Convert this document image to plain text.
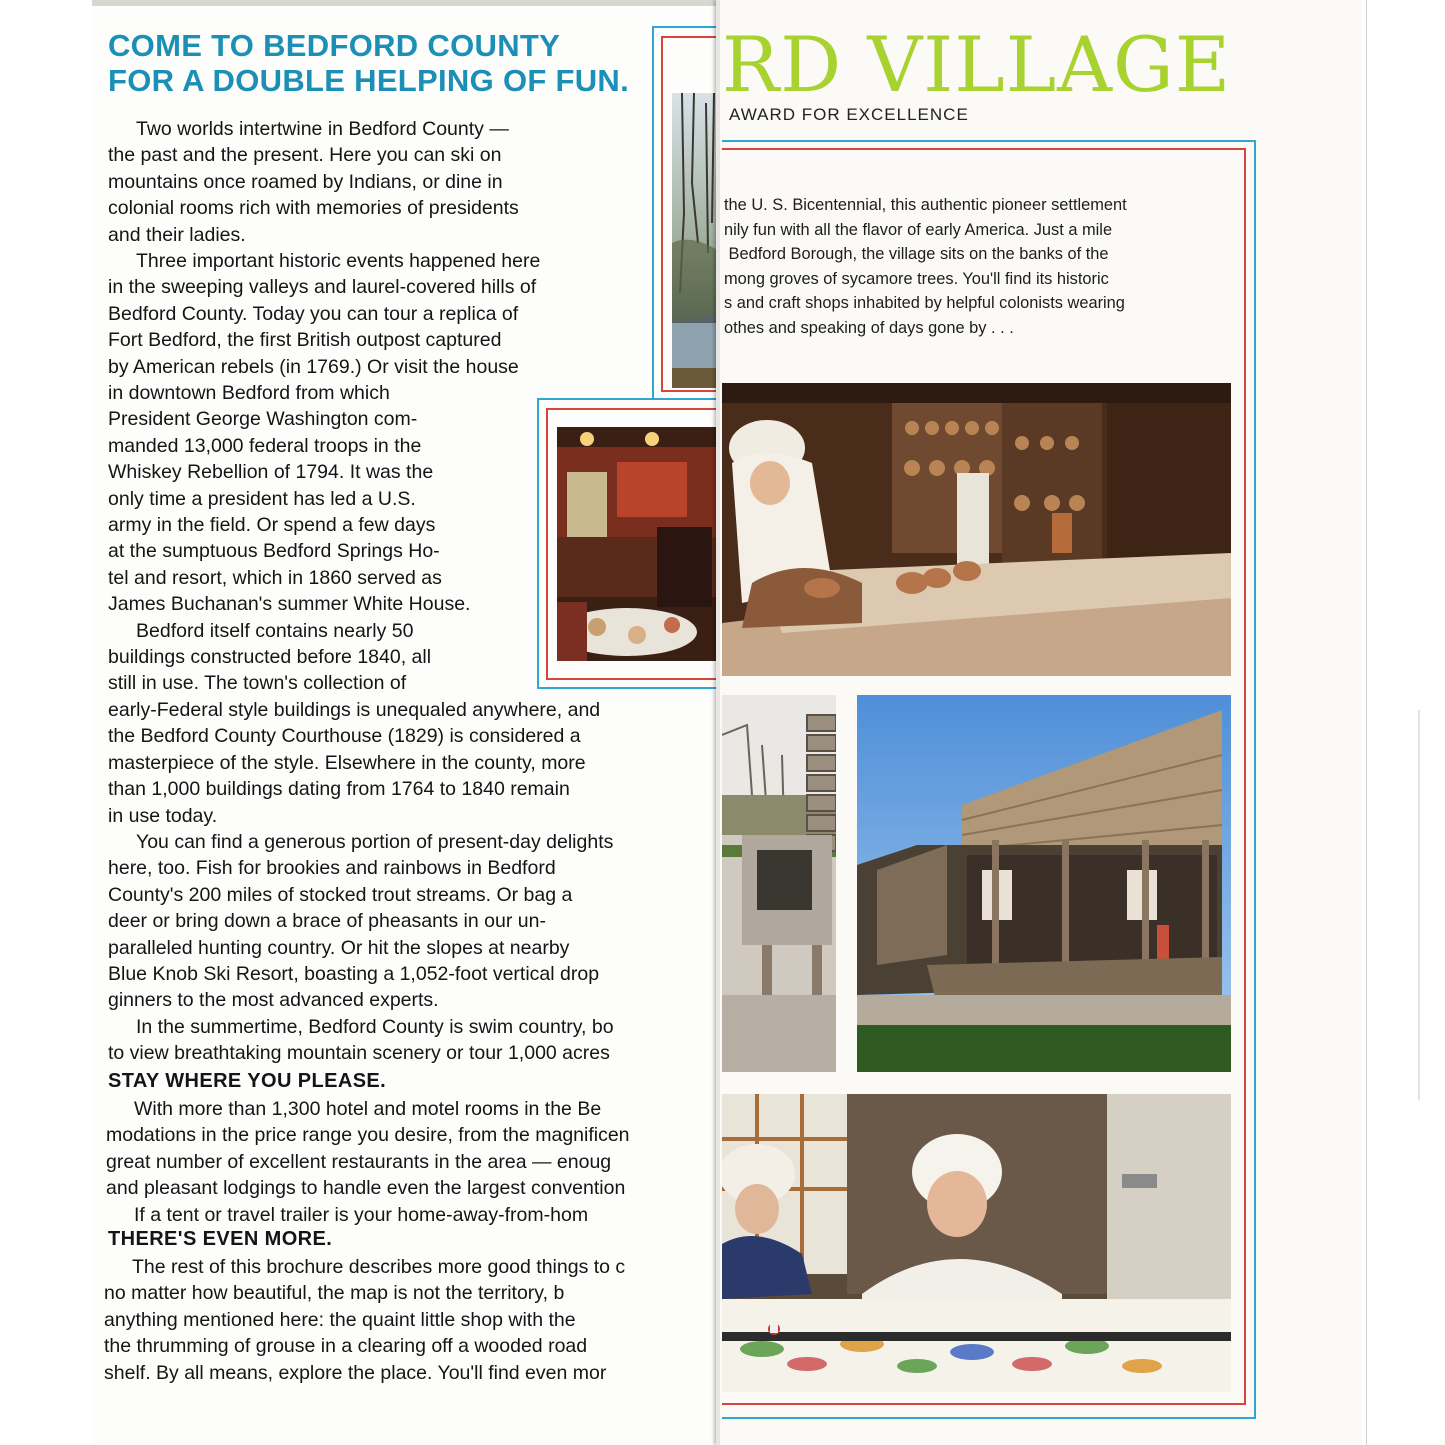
COME TO BEDFORD COUNTY
FOR A DOUBLE HELPING OF FUN.

Two worlds intertwine in Bedford County —

the past and the present. Here you can ski on

mountains once roamed by Indians, or dine in

colonial rooms rich with memories of presidents

and their ladies.

Three important historic events happened here

in the sweeping valleys and laurel-covered hills of

Bedford County. Today you can tour a replica of

Fort Bedford, the first British outpost captured

by American rebels (in 1769.) Or visit the house

in downtown Bedford from which

President George Washington com-

manded 13,000 federal troops in the

Whiskey Rebellion of 1794. It was the

only time a president has led a U.S.

army in the field. Or spend a few days

at the sumptuous Bedford Springs Ho-

tel and resort, which in 1860 served as

James Buchanan's summer White House.

Bedford itself contains nearly 50

buildings constructed before 1840, all

still in use. The town's collection of

early-Federal style buildings is unequaled anywhere, and

the Bedford County Courthouse (1829) is considered a

masterpiece of the style. Elsewhere in the county, more

than 1,000 buildings dating from 1764 to 1840 remain

in use today.

You can find a generous portion of present-day delights

here, too. Fish for brookies and rainbows in Bedford

County's 200 miles of stocked trout streams. Or bag a

deer or bring down a brace of pheasants in our un-

paralleled hunting country. Or hit the slopes at nearby

Blue Knob Ski Resort, boasting a 1,052-foot vertical drop

ginners to the most advanced experts.

In the summertime, Bedford County is swim country, bo

to view breathtaking mountain scenery or tour 1,000 acres

STAY WHERE YOU PLEASE.

With more than 1,300 hotel and motel rooms in the Be

modations in the price range you desire, from the magnificen

great number of excellent restaurants in the area — enoug

and pleasant lodgings to handle even the largest convention

If a tent or travel trailer is your home-away-from-hom

THERE'S EVEN MORE.

The rest of this brochure describes more good things to c

no matter how beautiful, the map is not the territory, b

anything mentioned here: the quaint little shop with the

the thrumming of grouse in a clearing off a wooded road

shelf. By all means, explore the place. You'll find even mor

RD VILLAGE
AWARD FOR EXCELLENCE
the U. S. Bicentennial, this authentic pioneer settlement
nily fun with all the flavor of early America. Just a mile
Bedford Borough, the village sits on the banks of the
mong groves of sycamore trees. You'll find its historic
s and craft shops inhabited by helpful colonists wearing
othes and speaking of days gone by . . .
